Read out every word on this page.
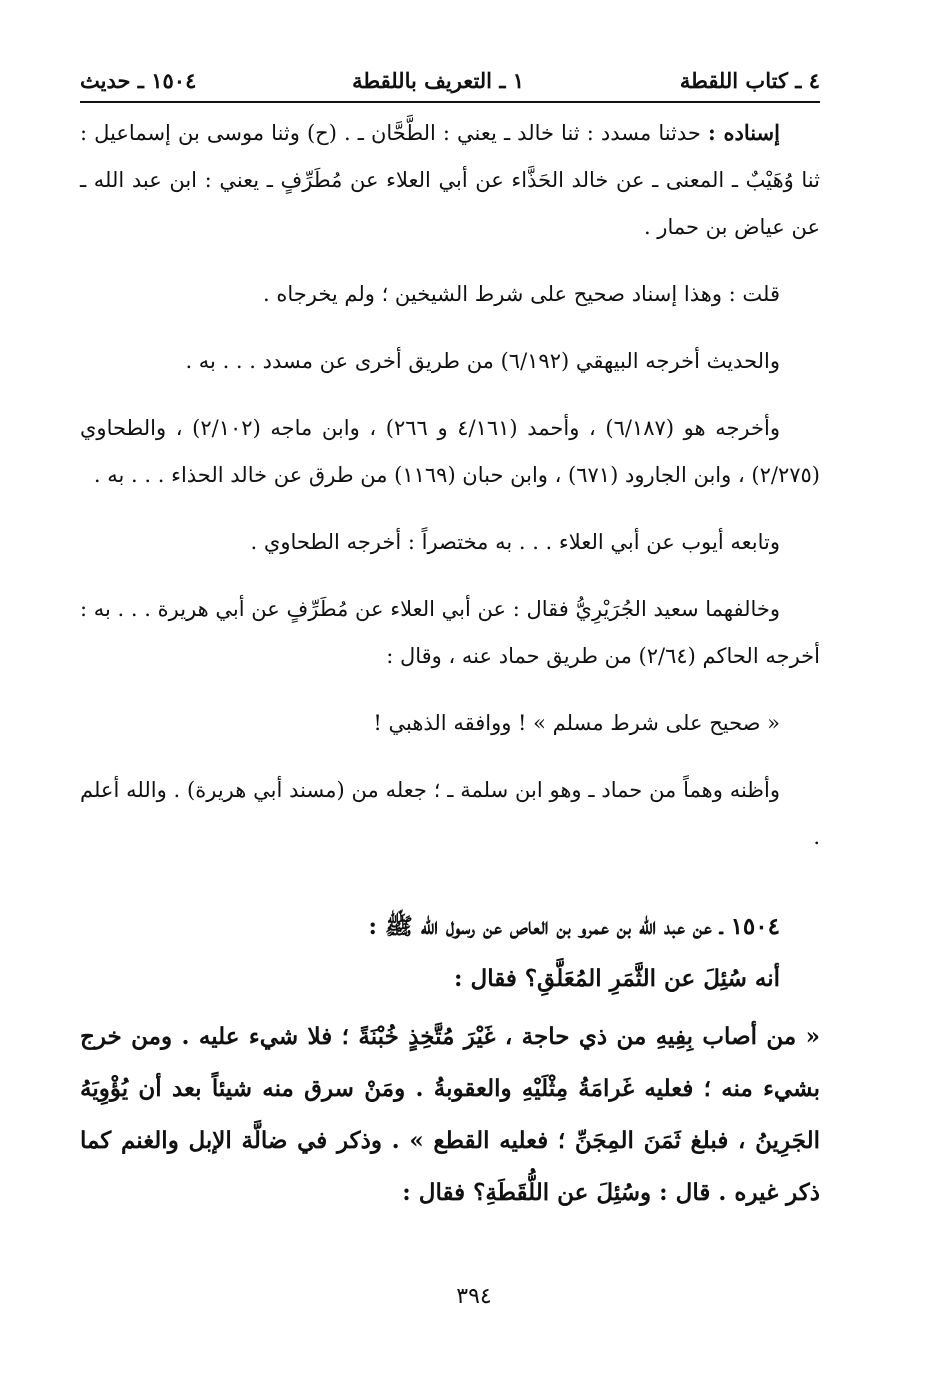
٤ ـ كتاب اللقطة
١ ـ التعريف باللقطة
١٥٠٤ ـ حديث

إسناده : حدثنا مسدد : ثنا خالد ـ يعني : الطَّحَّان ـ . (ح) وثنا موسى بن إسماعيل : ثنا وُهَيْبٌ ـ المعنى ـ عن خالد الحَذَّاء عن أبي العلاء عن مُطَرِّفٍ ـ يعني : ابن عبد الله ـ عن عياض بن حمار .

قلت : وهذا إسناد صحيح على شرط الشيخين ؛ ولم يخرجاه .

والحديث أخرجه البيهقي (٦/١٩٢) من طريق أخرى عن مسدد . . . به .

وأخرجه هو (٦/١٨٧) ، وأحمد (٤/١٦١ و ٢٦٦) ، وابن ماجه (٢/١٠٢) ، والطحاوي (٢/٢٧٥) ، وابن الجارود (٦٧١) ، وابن حبان (١١٦٩) من طرق عن خالد الحذاء . . . به .

وتابعه أيوب عن أبي العلاء . . . به مختصراً : أخرجه الطحاوي .

وخالفهما سعيد الجُرَيْرِيُّ فقال : عن أبي العلاء عن مُطَرِّفٍ عن أبي هريرة . . . به : أخرجه الحاكم (٢/٦٤) من طريق حماد عنه ، وقال :

« صحيح على شرط مسلم » ! ووافقه الذهبي !

وأظنه وهماً من حماد ـ وهو ابن سلمة ـ ؛ جعله من (مسند أبي هريرة) . والله أعلم .

١٥٠٤ ـ عن عبد الله بن عمرو بن العاص عن رسول الله ﷺ :

أنه سُئِلَ عن الثَّمَرِ المُعَلَّقِ؟ فقال :

« من أصاب بِفِيهِ من ذي حاجة ، غَيْرَ مُتَّخِذٍ خُبْنَةً ؛ فلا شيء عليه . ومن خرج بشيء منه ؛ فعليه غَرامَةُ مِثْلَيْهِ والعقوبةُ . ومَنْ سرق منه شيئاً بعد أن يُؤْوِيَهُ الجَرِينُ ، فبلغ ثَمَنَ المِجَنِّ ؛ فعليه القطع » . وذكر في ضالَّة الإبل والغنم كما ذكر غيره . قال : وسُئِلَ عن اللُّقَطَةِ؟ فقال :

٣٩٤
